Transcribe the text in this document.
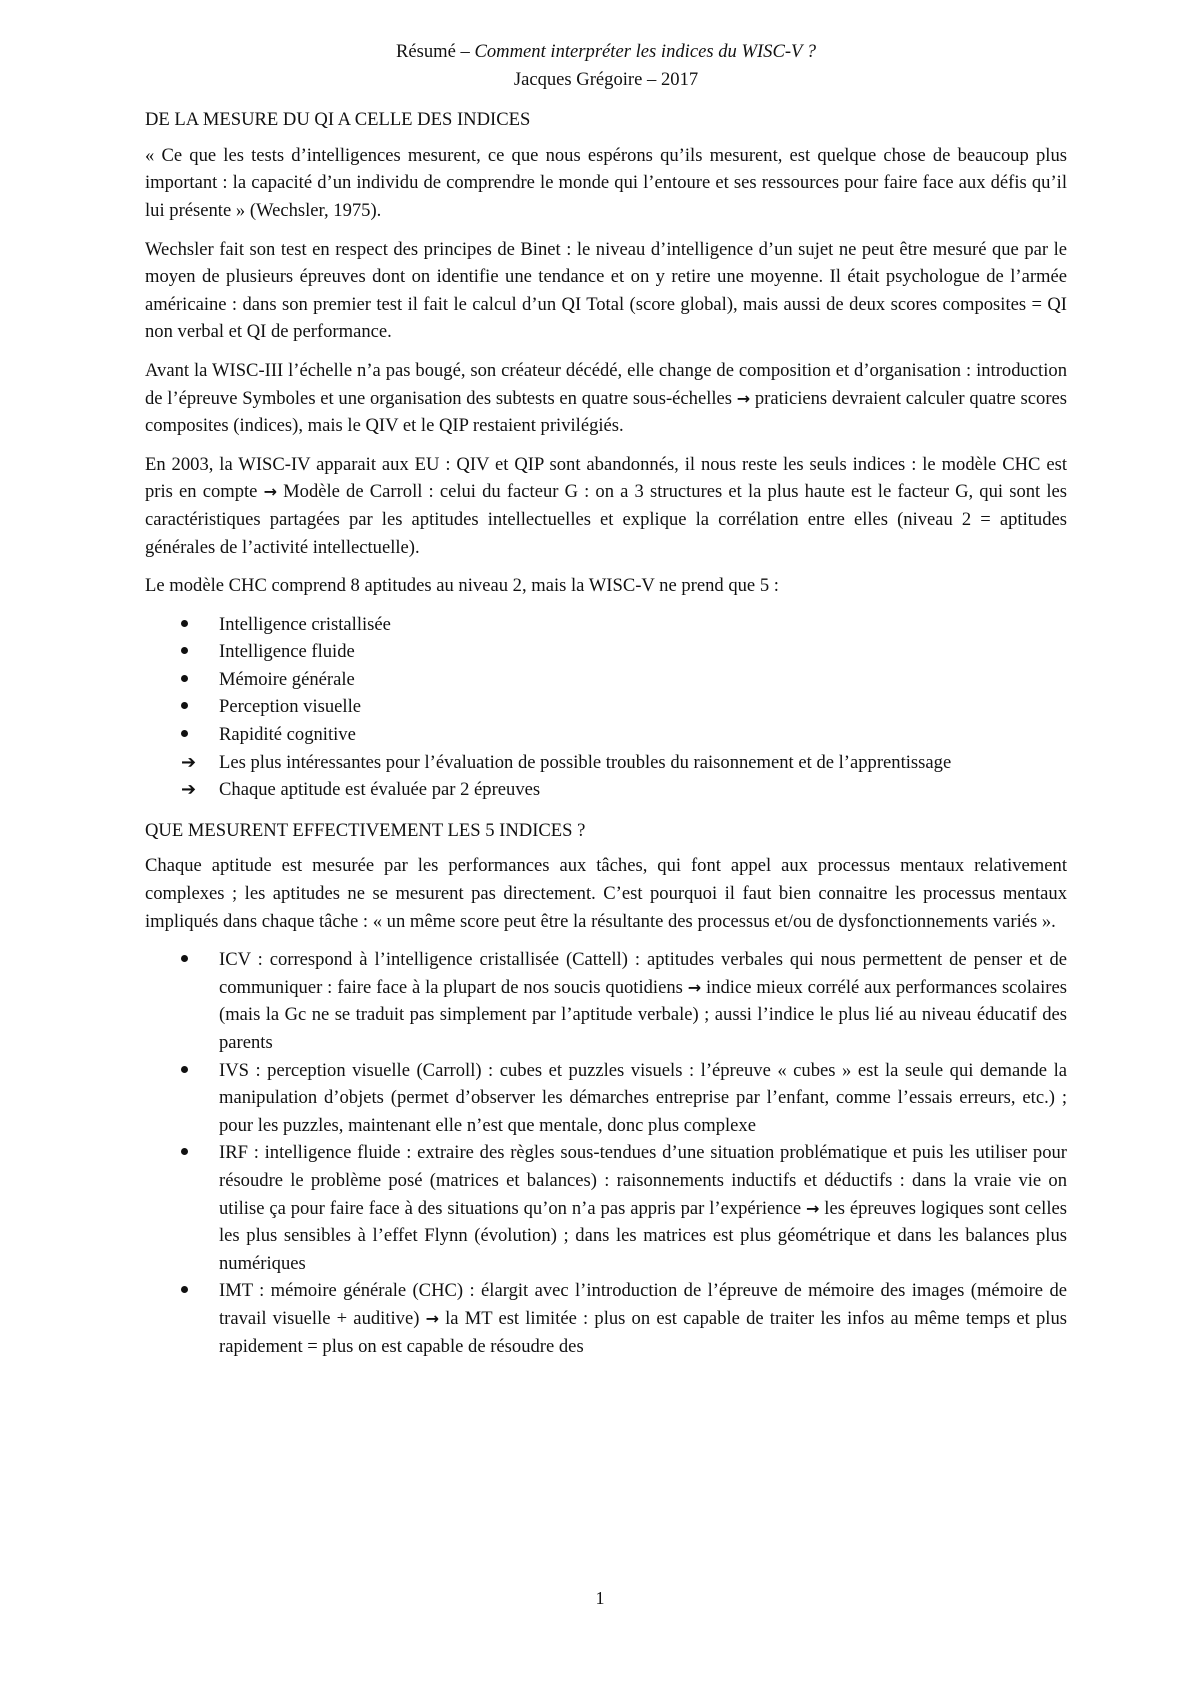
Résumé – Comment interpréter les indices du WISC-V ?

Jacques Grégoire – 2017

DE LA MESURE DU QI A CELLE DES INDICES

« Ce que les tests d’intelligences mesurent, ce que nous espérons qu’ils mesurent, est quelque chose de beaucoup plus important : la capacité d’un individu de comprendre le monde qui l’entoure et ses ressources pour faire face aux défis qu’il lui présente » (Wechsler, 1975).

Wechsler fait son test en respect des principes de Binet : le niveau d’intelligence d’un sujet ne peut être mesuré que par le moyen de plusieurs épreuves dont on identifie une tendance et on y retire une moyenne. Il était psychologue de l’armée américaine : dans son premier test il fait le calcul d’un QI Total (score global), mais aussi de deux scores composites = QI non verbal et QI de performance.

Avant la WISC-III l’échelle n’a pas bougé, son créateur décédé, elle change de composition et d’organisation : introduction de l’épreuve Symboles et une organisation des subtests en quatre sous-échelles → praticiens devraient calculer quatre scores composites (indices), mais le QIV et le QIP restaient privilégiés.

En 2003, la WISC-IV apparait aux EU : QIV et QIP sont abandonnés, il nous reste les seuls indices : le modèle CHC est pris en compte → Modèle de Carroll : celui du facteur G : on a 3 structures et la plus haute est le facteur G, qui sont les caractéristiques partagées par les aptitudes intellectuelles et explique la corrélation entre elles (niveau 2 = aptitudes générales de l’activité intellectuelle).

Le modèle CHC comprend 8 aptitudes au niveau 2, mais la WISC-V ne prend que 5 :

Intelligence cristallisée
Intelligence fluide
Mémoire générale
Perception visuelle
Rapidité cognitive
➔	Les plus intéressantes pour l’évaluation de possible troubles du raisonnement et de l’apprentissage
➔	Chaque aptitude est évaluée par 2 épreuves

QUE MESURENT EFFECTIVEMENT LES 5 INDICES ?

Chaque aptitude est mesurée par les performances aux tâches, qui font appel aux processus mentaux relativement complexes ; les aptitudes ne se mesurent pas directement. C’est pourquoi il faut bien connaitre les processus mentaux impliqués dans chaque tâche : « un même score peut être la résultante des processus et/ou de dysfonctionnements variés ».

ICV : correspond à l’intelligence cristallisée (Cattell) : aptitudes verbales qui nous permettent de penser et de communiquer : faire face à la plupart de nos soucis quotidiens → indice mieux corrélé aux performances scolaires (mais la Gc ne se traduit pas simplement par l’aptitude verbale) ; aussi l’indice le plus lié au niveau éducatif des parents
IVS : perception visuelle (Carroll) : cubes et puzzles visuels : l’épreuve « cubes » est la seule qui demande la manipulation d’objets (permet d’observer les démarches entreprise par l’enfant, comme l’essais erreurs, etc.) ; pour les puzzles, maintenant elle n’est que mentale, donc plus complexe
IRF : intelligence fluide : extraire des règles sous-tendues d’une situation problématique et puis les utiliser pour résoudre le problème posé (matrices et balances) : raisonnements inductifs et déductifs : dans la vraie vie on utilise ça pour faire face à des situations qu’on n’a pas appris par l’expérience → les épreuves logiques sont celles les plus sensibles à l’effet Flynn (évolution) ; dans les matrices est plus géométrique et dans les balances plus numériques
IMT : mémoire générale (CHC) : élargit avec l’introduction de l’épreuve de mémoire des images (mémoire de travail visuelle + auditive) → la MT est limitée : plus on est capable de traiter les infos au même temps et plus rapidement = plus on est capable de résoudre des
1
